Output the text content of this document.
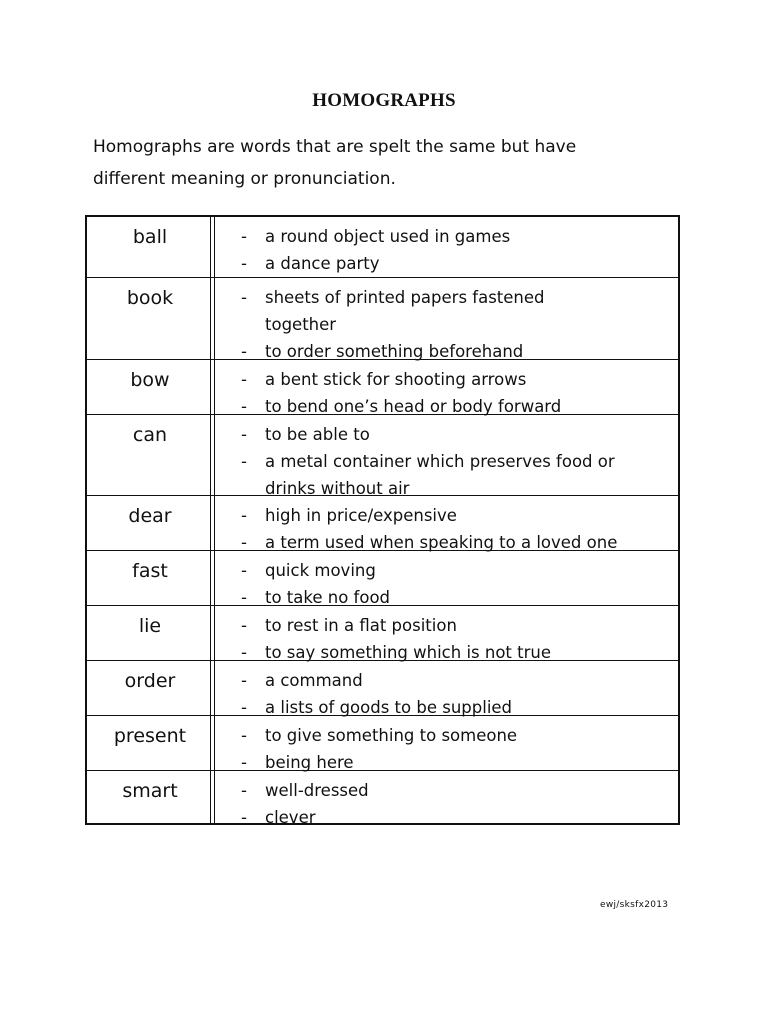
HOMOGRAPHS
Homographs are words that are spelt the same but have
different meaning or pronunciation.
ball	- a round object used in games
- a dance party
book	- sheets of printed papers fastened
together
- to order something beforehand
bow	- a bent stick for shooting arrows
- to bend one’s head or body forward
can	- to be able to
- a metal container which preserves food or
drinks without air
dear	- high in price/expensive
- a term used when speaking to a loved one
fast	- quick moving
- to take no food
lie	- to rest in a flat position
- to say something which is not true
order	- a command
- a lists of goods to be supplied
present	- to give something to someone
- being here
smart	- well-dressed
- clever
ewj/sksfx2013
